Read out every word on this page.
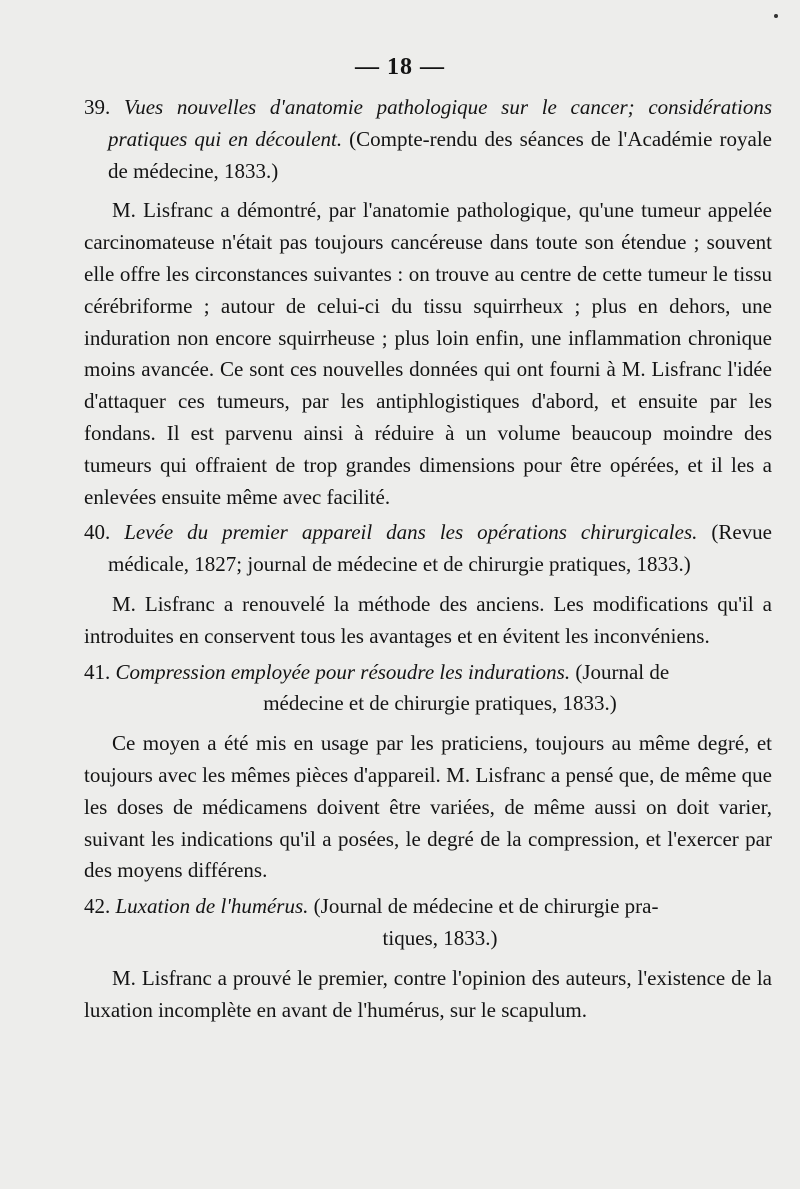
— 18 —

39. Vues nouvelles d'anatomie pathologique sur le cancer; considérations pratiques qui en découlent. (Compte-rendu des séances de l'Académie royale de médecine, 1833.)

M. Lisfranc a démontré, par l'anatomie pathologique, qu'une tumeur appelée carcinomateuse n'était pas toujours cancéreuse dans toute son étendue ; souvent elle offre les circonstances suivantes : on trouve au centre de cette tumeur le tissu cérébriforme ; autour de celui-ci du tissu squirrheux ; plus en dehors, une induration non encore squirrheuse ; plus loin enfin, une inflammation chronique moins avancée. Ce sont ces nouvelles données qui ont fourni à M. Lisfranc l'idée d'attaquer ces tumeurs, par les antiphlogistiques d'abord, et ensuite par les fondans. Il est parvenu ainsi à réduire à un volume beaucoup moindre des tumeurs qui offraient de trop grandes dimensions pour être opérées, et il les a enlevées ensuite même avec facilité.

40. Levée du premier appareil dans les opérations chirurgicales. (Revue médicale, 1827; journal de médecine et de chirurgie pratiques, 1833.)

M. Lisfranc a renouvelé la méthode des anciens. Les modifications qu'il a introduites en conservent tous les avantages et en évitent les inconvéniens.

41. Compression employée pour résoudre les indurations. (Journal de
médecine et de chirurgie pratiques, 1833.)

Ce moyen a été mis en usage par les praticiens, toujours au même degré, et toujours avec les mêmes pièces d'appareil. M. Lisfranc a pensé que, de même que les doses de médicamens doivent être variées, de même aussi on doit varier, suivant les indications qu'il a posées, le degré de la compression, et l'exercer par des moyens différens.

42. Luxation de l'humérus. (Journal de médecine et de chirurgie pra-
tiques, 1833.)

M. Lisfranc a prouvé le premier, contre l'opinion des auteurs, l'existence de la luxation incomplète en avant de l'humérus, sur le scapulum.
